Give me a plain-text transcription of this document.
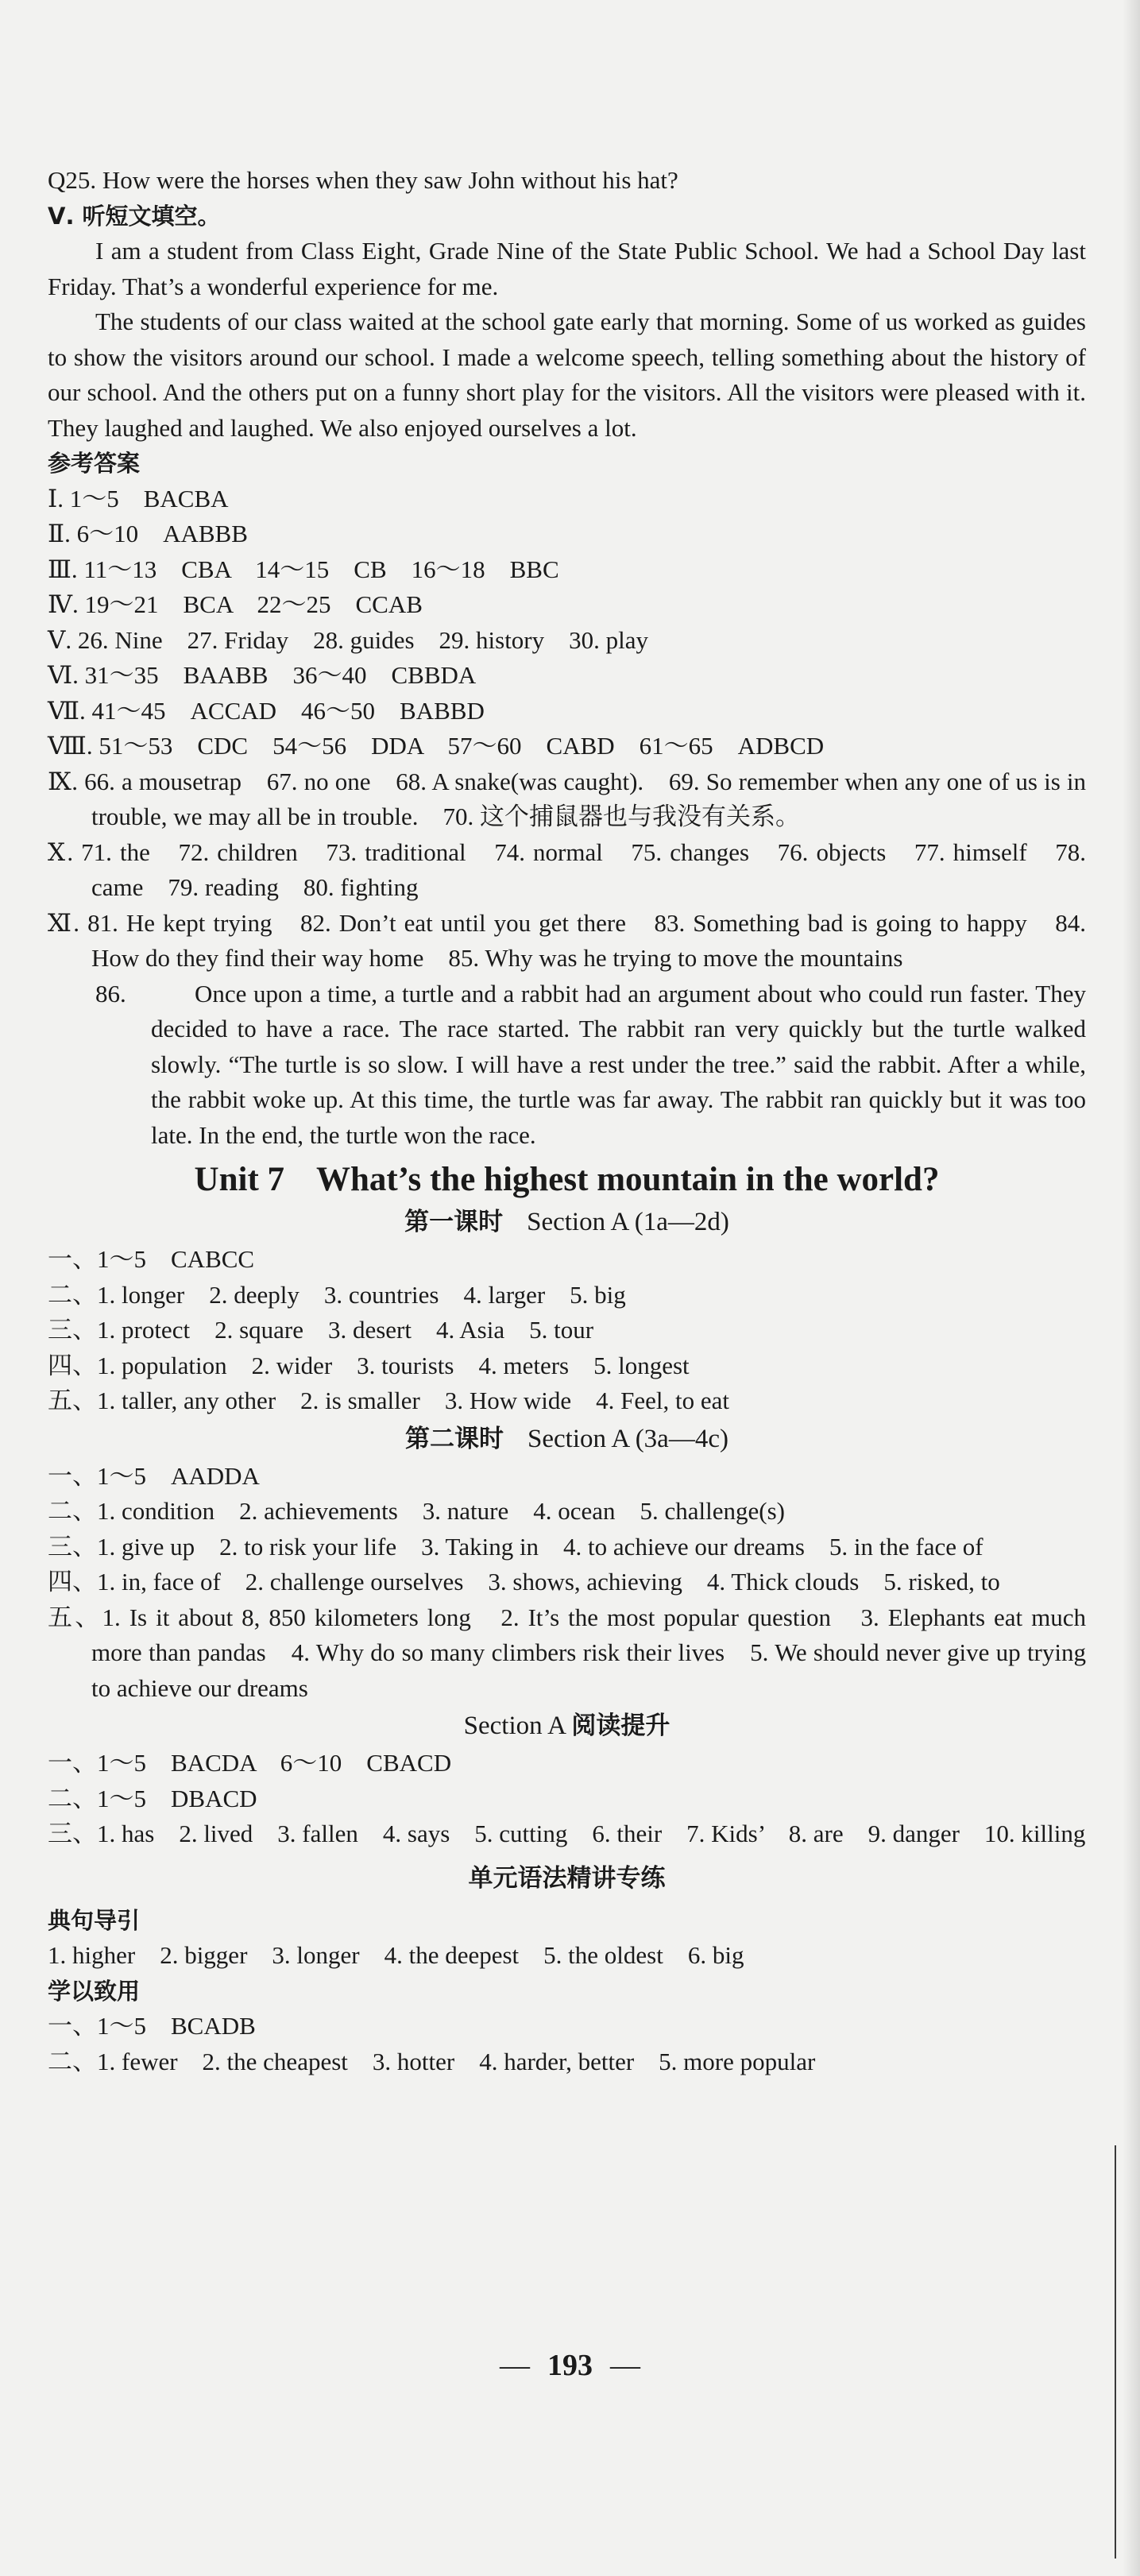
Q25. How were the horses when they saw John without his hat?

Ⅴ. 听短文填空。

I am a student from Class Eight, Grade Nine of the State Public School. We had a School Day last Friday. That’s a wonderful experience for me.

The students of our class waited at the school gate early that morning. Some of us worked as guides to show the visitors around our school. I made a welcome speech, telling something about the history of our school. And the others put on a funny short play for the visitors. All the visitors were pleased with it. They laughed and laughed. We also enjoyed ourselves a lot.

参考答案

Ⅰ. 1～5　BACBA

Ⅱ. 6～10　AABBB

Ⅲ. 11～13　CBA　14～15　CB　16～18　BBC

Ⅳ. 19～21　BCA　22～25　CCAB

Ⅴ. 26. Nine　27. Friday　28. guides　29. history　30. play

Ⅵ. 31～35　BAABB　36～40　CBBDA

Ⅶ. 41～45　ACCAD　46～50　BABBD

Ⅷ. 51～53　CDC　54～56　DDA　57～60　CABD　61～65　ADBCD

Ⅸ. 66. a mousetrap　67. no one　68. A snake(was caught).　69. So remember when any one of us is in trouble, we may all be in trouble.　70. 这个捕鼠器也与我没有关系。

Ⅹ. 71. the　72. children　73. traditional　74. normal　75. changes　76. objects　77. himself　78. came　79. reading　80. fighting

Ⅺ. 81. He kept trying　82. Don’t eat until you get there　83. Something bad is going to happy　84. How do they find their way home　85. Why was he trying to move the mountains

86.	Once upon a time, a turtle and a rabbit had an argument about who could run faster. They decided to have a race. The race started. The rabbit ran very quickly but the turtle walked slowly. “The turtle is so slow. I will have a rest under the tree.” said the rabbit. After a while, the rabbit woke up. At this time, the turtle was far away. The rabbit ran quickly but it was too late. In the end, the turtle won the race.

Unit 7 What’s the highest mountain in the world?
第一课时 Section A (1a—2d)

一、1～5　CABCC

二、1. longer　2. deeply　3. countries　4. larger　5. big

三、1. protect　2. square　3. desert　4. Asia　5. tour

四、1. population　2. wider　3. tourists　4. meters　5. longest

五、1. taller, any other　2. is smaller　3. How wide　4. Feel, to eat

第二课时 Section A (3a—4c)

一、1～5　AADDA

二、1. condition　2. achievements　3. nature　4. ocean　5. challenge(s)

三、1. give up　2. to risk your life　3. Taking in　4. to achieve our dreams　5. in the face of

四、1. in, face of　2. challenge ourselves　3. shows, achieving　4. Thick clouds　5. risked, to

五、1. Is it about 8, 850 kilometers long　2. It’s the most popular question　3. Elephants eat much more than pandas　4. Why do so many climbers risk their lives　5. We should never give up trying to achieve our dreams

Section A 阅读提升

一、1～5　BACDA　6～10　CBACD

二、1～5　DBACD

三、1. has　2. lived　3. fallen　4. says　5. cutting　6. their　7. Kids’　8. are　9. danger　10. killing

单元语法精讲专练

典句导引

1. higher　2. bigger　3. longer　4. the deepest　5. the oldest　6. big

学以致用

一、1～5　BCADB

二、1. fewer　2. the cheapest　3. hotter　4. harder, better　5. more popular

— 193 —
